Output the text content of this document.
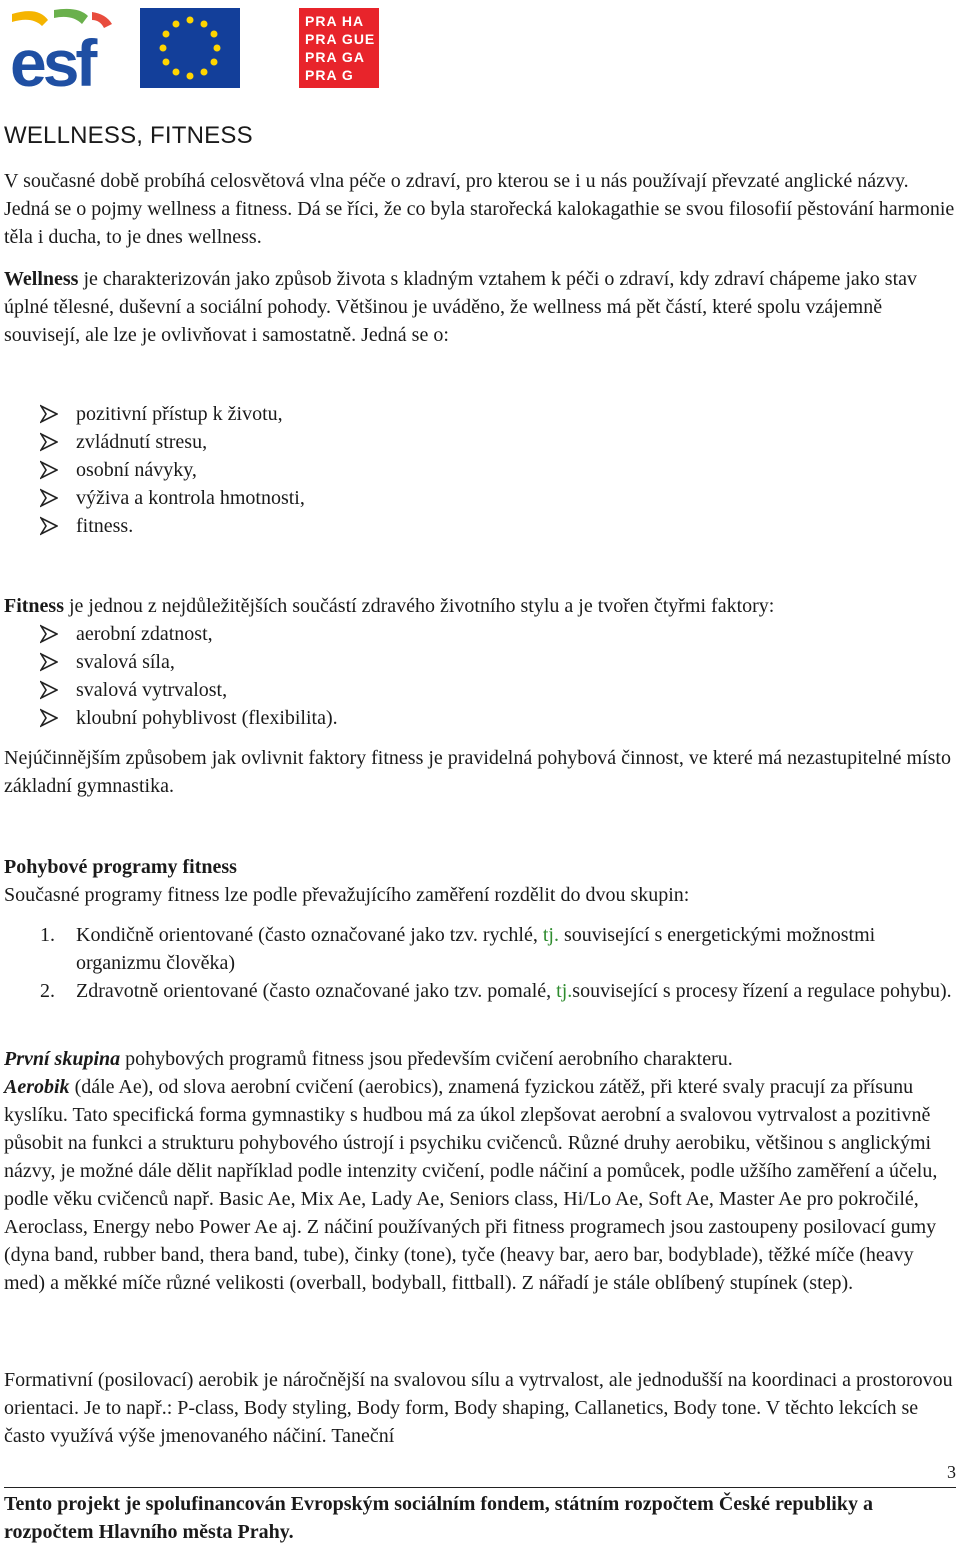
esf
PRA HA
PRA GUE
PRA GA
PRA G
WELLNESS, FITNESS

V současné době probíhá celosvětová vlna péče o zdraví, pro kterou se i u nás používají převzaté anglické názvy. Jedná se o pojmy wellness a fitness. Dá se říci, že co byla starořecká kalokagathie se svou filosofií pěstování harmonie těla i ducha, to je dnes wellness.

Wellness je charakterizován jako způsob života s kladným vztahem k péči o zdraví, kdy zdraví chápeme jako stav úplné tělesné, duševní a sociální pohody. Většinou je uváděno, že wellness má pět částí, které spolu vzájemně souvisejí, ale lze je ovlivňovat i samostatně. Jedná se o:

pozitivní přístup k životu,
zvládnutí stresu,
osobní návyky,
výživa a kontrola hmotnosti,
fitness.

Fitness je jednou z nejdůležitějších součástí zdravého životního stylu a je tvořen čtyřmi faktory:

aerobní zdatnost,
svalová síla,
svalová vytrvalost,
kloubní pohyblivost (flexibilita).

Nejúčinnějším způsobem jak ovlivnit faktory fitness je pravidelná pohybová činnost, ve které má nezastupitelné místo základní gymnastika.

Pohybové programy fitness

Současné programy fitness lze podle převažujícího zaměření rozdělit do dvou skupin:

1. Kondičně orientované (často označované jako tzv. rychlé, tj. související s energetickými možnostmi organizmu člověka)
2. Zdravotně orientované (často označované jako tzv. pomalé, tj.související s procesy řízení a regulace pohybu).

První skupina pohybových programů fitness jsou především cvičení aerobního charakteru.
Aerobik (dále Ae), od slova aerobní cvičení (aerobics), znamená fyzickou zátěž, při které svaly pracují za přísunu kyslíku. Tato specifická forma gymnastiky s hudbou má za úkol zlepšovat aerobní a svalovou vytrvalost a pozitivně působit na funkci a strukturu pohybového ústrojí i psychiku cvičenců. Různé druhy aerobiku, většinou s anglickými názvy, je možné dále dělit například podle intenzity cvičení, podle náčiní a pomůcek, podle užšího zaměření a účelu, podle věku cvičenců např. Basic Ae, Mix Ae, Lady Ae, Seniors class, Hi/Lo Ae, Soft Ae, Master Ae pro pokročilé, Aeroclass, Energy nebo Power Ae aj. Z náčiní používaných při fitness programech jsou zastoupeny posilovací gumy (dyna band, rubber band, thera band, tube), činky (tone), tyče (heavy bar, aero bar, bodyblade), těžké míče (heavy med) a měkké míče různé velikosti (overball, bodyball, fittball). Z nářadí je stále oblíbený stupínek (step).

Formativní (posilovací) aerobik je náročnější na svalovou sílu a vytrvalost, ale jednodušší na koordinaci a prostorovou orientaci. Je to např.: P-class, Body styling, Body form, Body shaping, Callanetics, Body tone. V těchto lekcích se často využívá výše jmenovaného náčiní. Taneční

3
Tento projekt je spolufinancován Evropským sociálním fondem, státním rozpočtem České republiky a rozpočtem Hlavního města Prahy.
